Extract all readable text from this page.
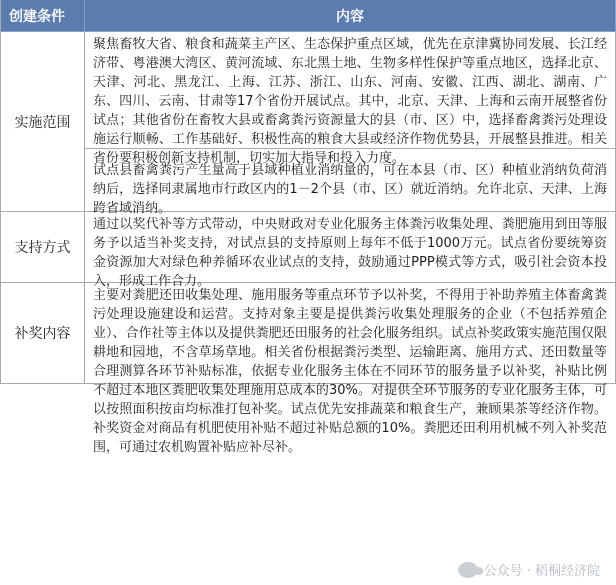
创建条件	内容
实施范围
聚焦畜牧大省、粮食和蔬菜主产区、生态保护重点区域，优先在京津冀协同发展、长江经济带、粤港澳大湾区、黄河流域、东北黑土地、生物多样性保护等重点地区，选择北京、天津、河北、黑龙江、上海、江苏、浙江、山东、河南、安徽、江西、湖北、湖南、广东、四川、云南、甘肃等17个省份开展试点。其中，北京、天津、上海和云南开展整省份试点；其他省份在畜牧大县或畜禽粪污资源量大的县（市、区）中，选择畜禽粪污处理设施运行顺畅、工作基础好、积极性高的粮食大县或经济作物优势县，开展整县推进。相关省份要积极创新支持机制，切实加大指导和投入力度。
试点县畜禽粪污产生量高于县域种植业消纳量的，可在本县（市、区）种植业消纳负荷消纳后，选择同隶属地市行政区内的1－2个县（市、区）就近消纳。允许北京、天津、上海跨省域消纳。
支持方式
通过以奖代补等方式带动，中央财政对专业化服务主体粪污收集处理、粪肥施用到田等服务予以适当补奖支持，对试点县的支持原则上每年不低于1000万元。试点省份要统筹资金资源加大对绿色种养循环农业试点的支持，鼓励通过PPP模式等方式，吸引社会资本投入，形成工作合力。
补奖内容
主要对粪肥还田收集处理、施用服务等重点环节予以补奖，不得用于补助养殖主体畜禽粪污处理设施建设和运营。支持对象主要是提供粪污收集处理服务的企业（不包括养殖企业）、合作社等主体以及提供粪肥还田服务的社会化服务组织。试点补奖政策实施范围仅限耕地和园地，不含草场草地。相关省份根据粪污类型、运输距离、施用方式、还田数量等合理测算各环节补贴标准，依据专业化服务主体在不同环节的服务量予以补奖，补贴比例不超过本地区粪肥收集处理施用总成本的30%。对提供全环节服务的专业化服务主体，可以按照面积按亩均标准打包补奖。试点优先安排蔬菜和粮食生产，兼顾果茶等经济作物。补奖资金对商品有机肥使用补贴不超过补贴总额的10%。粪肥还田利用机械不列入补奖范围，可通过农机购置补贴应补尽补。
公众号 · 稻桐经济院
